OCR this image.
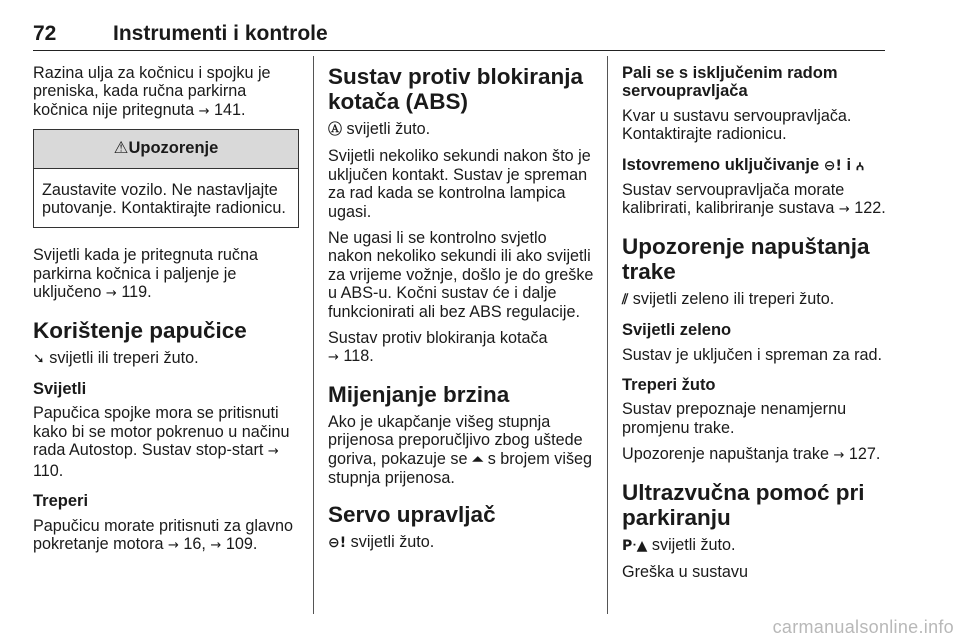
72	Instrumenti i kontrole

Razina ulja za kočnicu i spojku je preniska, kada ručna parkirna kočnica nije pritegnuta → 141.

⚠Upozorenje
Zaustavite vozilo. Ne nastavljajte putovanje. Kontaktirajte radionicu.

Svijetli kada je pritegnuta ručna parkirna kočnica i paljenje je uključeno → 119.

Korištenje papučice

➘ svijetli ili treperi žuto.

Svijetli

Papučica spojke mora se pritisnuti kako bi se motor pokrenuo u načinu rada Autostop. Sustav stop-start → 110.

Treperi

Papučicu morate pritisnuti za glavno pokretanje motora → 16, → 109.

Sustav protiv blokiranja kotača (ABS)

Ⓐ svijetli žuto.

Svijetli nekoliko sekundi nakon što je uključen kontakt. Sustav je spreman za rad kada se kontrolna lampica ugasi.

Ne ugasi li se kontrolno svjetlo nakon nekoliko sekundi ili ako svijetli za vrijeme vožnje, došlo je do greške u ABS-u. Kočni sustav će i dalje funkcionirati ali bez ABS regulacije.

Sustav protiv blokiranja kotača
→ 118.

Mijenjanje brzina

Ako je ukapčanje višeg stupnja prijenosa preporučljivo zbog uštede goriva, pokazuje se ⏶ s brojem višeg stupnja prijenosa.

Servo upravljač

⊖! svijetli žuto.

Pali se s isključenim radom servoupravljača

Kvar u sustavu servoupravljača. Kontaktirajte radionicu.

Istovremeno uključivanje ⊖! i ꭅ

Sustav servoupravljača morate kalibrirati, kalibriranje sustava → 122.

Upozorenje napuštanja trake

⫽ svijetli zeleno ili treperi žuto.

Svijetli zeleno

Sustav je uključen i spreman za rad.

Treperi žuto

Sustav prepoznaje nenamjernu promjenu trake.

Upozorenje napuštanja trake → 127.

Ultrazvučna pomoć pri parkiranju

Pᐧ▲ svijetli žuto.

Greška u sustavu

carmanualsonline.info
